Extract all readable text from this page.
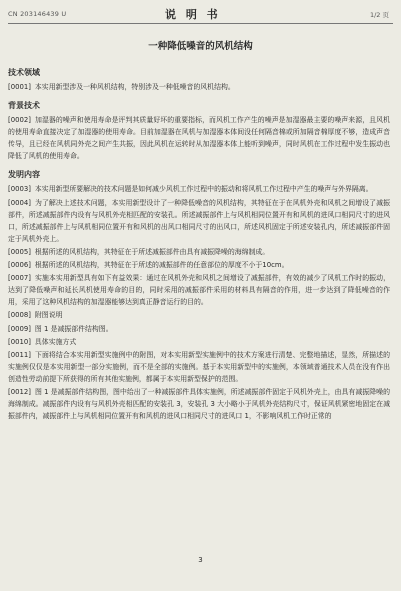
CN 203146439 U	说 明 书	1/2 页
一种降低噪音的风机结构
技术领域
[0001] 本实用新型涉及一种风机结构，特别涉及一种低噪音的风机结构。
背景技术
[0002] 加湿器的噪声和使用寿命是评判其质量好坏的重要指标，而风机工作产生的噪声是加湿器最主要的噪声来源，且风机的使用寿命直接决定了加湿器的使用寿命。目前加湿器在风机与加湿器本体间没任何隔音棉或所加隔音棉厚度不够，造成声音传导，且已经在风机同外壳之间产生共振，因此风机在运转时从加湿器本体上能听到噪声，同时风机在工作过程中发生振动也降低了风机的使用寿命。
发明内容
[0003] 本实用新型所要解决的技术问题是如何减少风机工作过程中的振动和将风机工作过程中产生的噪声与外界隔离。
[0004] 为了解决上述技术问题，本实用新型设计了一种降低噪音的风机结构，其特征在于在风机外壳和风机之间增设了减振部件，所述减振部件内设有与风机外壳相匹配的安装孔。所述减振部件上与风机相同位置开有和风机的进风口相同尺寸的进风口，所述减振部件上与风机相同位置开有和风机的出风口相同尺寸的出风口，所述风机固定于所述安装孔内，所述减振部件固定于风机外壳上。
[0005] 根据所述的风机结构，其特征在于所述减振部件由具有减振降噪的海绵制成。
[0006] 根据所述的风机结构，其特征在于所述的减振部件的任意部位的厚度不小于10cm。
[0007] 实施本实用新型具有如下有益效果：通过在风机外壳和风机之间增设了减振部件，有效的减少了风机工作时的振动，达到了降低噪声和延长风机使用寿命的目的，同时采用的减振部件采用的材料具有隔音的作用，进一步达到了降低噪音的作用，采用了这种风机结构的加湿器能够达到真正静音运行的目的。
[0008] 附图说明
[0009] 图 1 是减振部件结构图。
[0010] 具体实施方式
[0011] 下面将结合本实用新型实施例中的附图，对本实用新型实施例中的技术方案进行清楚、完整地描述，显然，所描述的实施例仅仅是本实用新型一部分实施例，而不是全部的实施例。基于本实用新型中的实施例，本领域普通技术人员在没有作出创造性劳动前提下所获得的所有其他实施例，都属于本实用新型保护的范围。
[0012] 图 1 是减振部件结构图，图中给出了一种减振部件具体实施例，所述减振部件固定于风机外壳上，由具有减振降噪的海绵制成。减振部件内设有与风机外壳相匹配的安装孔 3，安装孔 3 大小略小于风机外壳结构尺寸，保证风机紧密地固定在减振部件内，减振部件上与风机相同位置开有和风机的进风口相同尺寸的进风口 1，不影响风机工作时正常的
3
